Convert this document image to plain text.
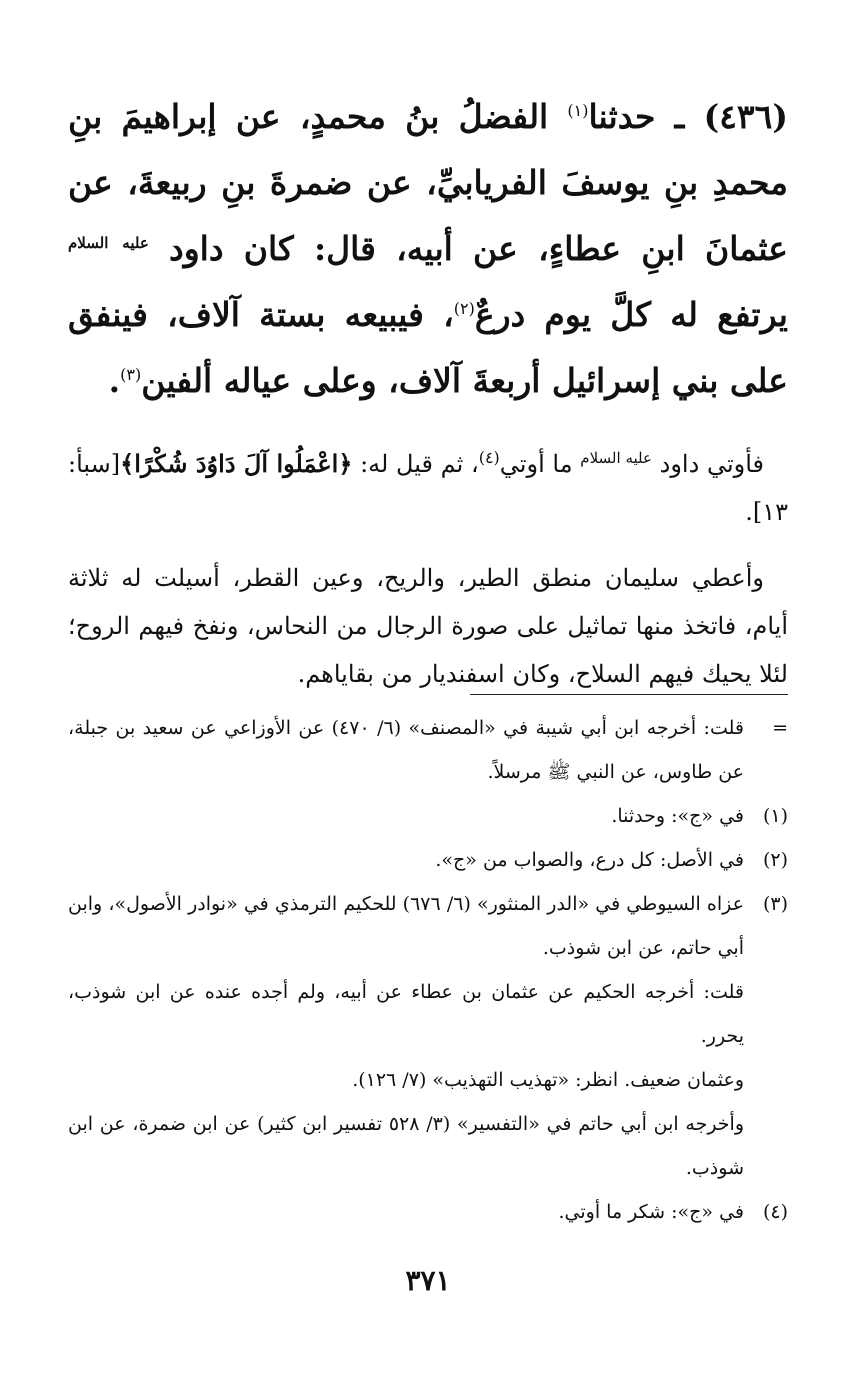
(٤٣٦) ـ حدثنا$^{(١)}$ الفضلُ بنُ محمدٍ، عن إبراهيمَ بنِ محمدِ بنِ يوسفَ الفريابيِّ، عن ضمرةَ بنِ ربيعةَ، عن عثمانَ ابنِ عطاءٍ، عن أبيه، قال: كان داود $^{عليه السلام}$ يرتفع له كلَّ يوم درعٌ$^{(٢)}$، فيبيعه بستة آلاف، فينفق على بني إسرائيل أربعةَ آلاف، وعلى عياله ألفين$^{(٣)}$.

فأوتي داود $^{عليه السلام}$ ما أوتي$^{(٤)}$، ثم قيل له: ﴿اعْمَلُوا آلَ دَاوُدَ شُكْرًا﴾[سبأ: ١٣].

وأعطي سليمان منطق الطير، والريح، وعين القطر، أسيلت له ثلاثة أيام، فاتخذ منها تماثيل على صورة الرجال من النحاس، ونفخ فيهم الروح؛ لئلا يحيك فيهم السلاح، وكان اسفنديار من بقاياهم.

=
قلت: أخرجه ابن أبي شيبة في «المصنف» (٦/ ٤٧٠) عن الأوزاعي عن سعيد بن جبلة، عن طاوس، عن النبي ﷺ مرسلاً.
(١)
في «ج»: وحدثنا.
(٢)
في الأصل: كل درع، والصواب من «ج».
(٣)
عزاه السيوطي في «الدر المنثور» (٦/ ٦٧٦) للحكيم الترمذي في «نوادر الأصول»، وابن أبي حاتم، عن ابن شوذب.

قلت: أخرجه الحكيم عن عثمان بن عطاء عن أبيه، ولم أجده عنده عن ابن شوذب، يحرر.

وعثمان ضعيف. انظر: «تهذيب التهذيب» (٧/ ١٢٦).

وأخرجه ابن أبي حاتم في «التفسير» (٣/ ٥٢٨ تفسير ابن كثير) عن ابن ضمرة، عن ابن شوذب.

(٤)
في «ج»: شكر ما أوتي.
٣٧١
